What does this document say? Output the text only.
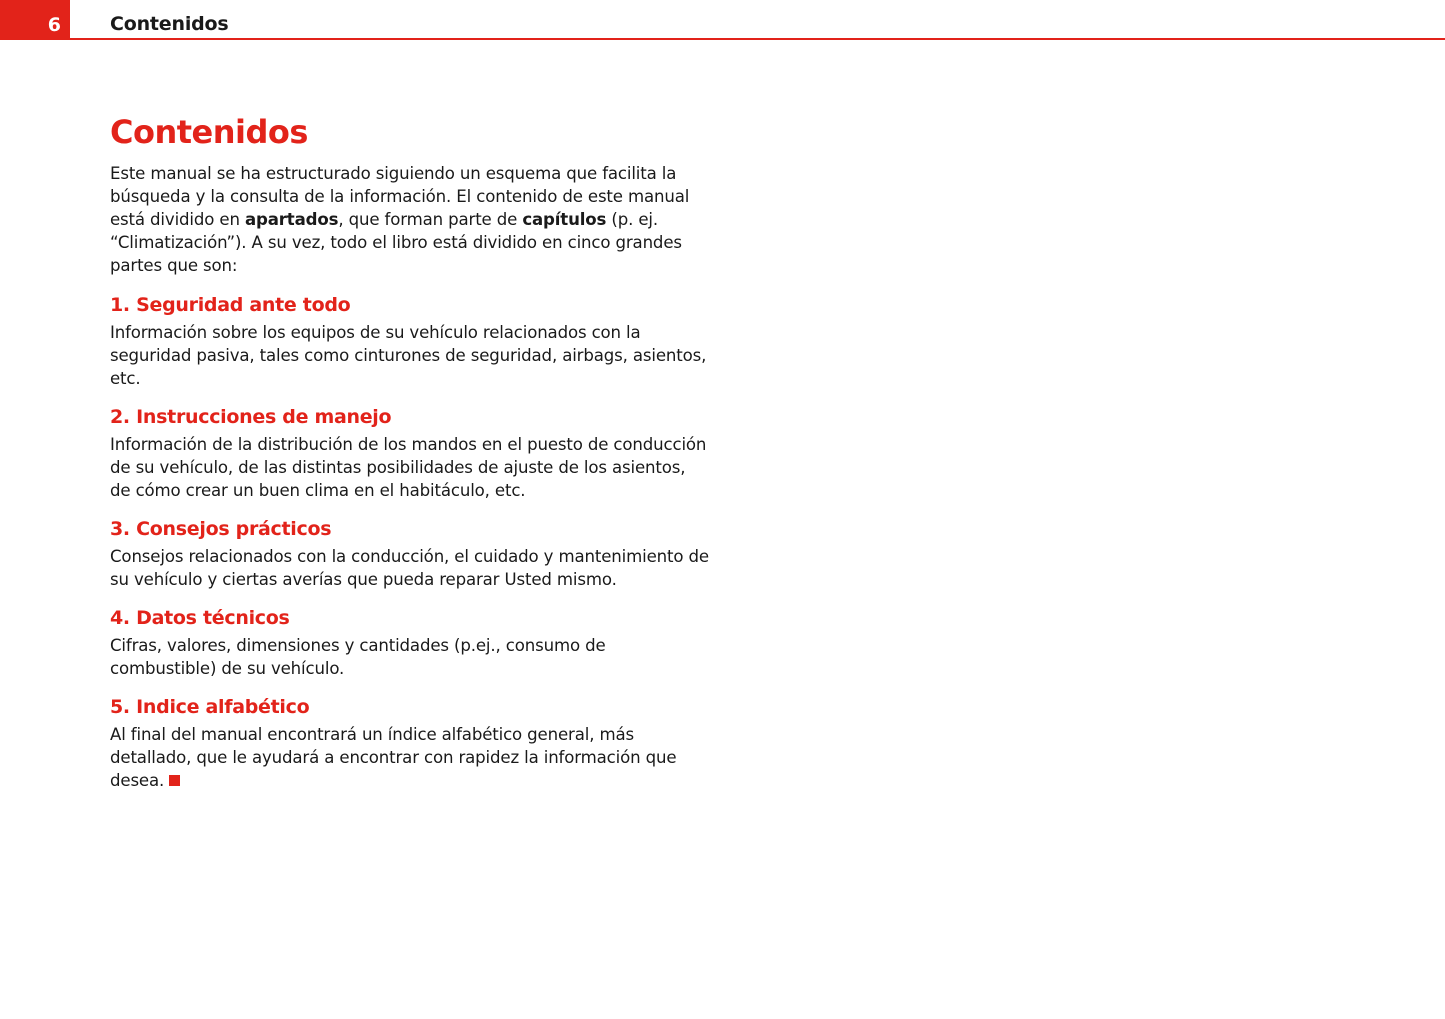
6	Contenidos
Contenidos

Este manual se ha estructurado siguiendo un esquema que facilita la búsqueda y la consulta de la información. El contenido de este manual está dividido en apartados, que forman parte de capítulos (p. ej. “Climatización”). A su vez, todo el libro está dividido en cinco grandes partes que son:

1. Seguridad ante todo

Información sobre los equipos de su vehículo relacionados con la seguridad pasiva, tales como cinturones de seguridad, airbags, asientos, etc.

2. Instrucciones de manejo

Información de la distribución de los mandos en el puesto de conducción de su vehículo, de las distintas posibilidades de ajuste de los asientos, de cómo crear un buen clima en el habitáculo, etc.

3. Consejos prácticos

Consejos relacionados con la conducción, el cuidado y mantenimiento de su vehículo y ciertas averías que pueda reparar Usted mismo.

4. Datos técnicos

Cifras, valores, dimensiones y cantidades (p.ej., consumo de combustible) de su vehículo.

5. Indice alfabético

Al final del manual encontrará un índice alfabético general, más detallado, que le ayudará a encontrar con rapidez la información que desea.
